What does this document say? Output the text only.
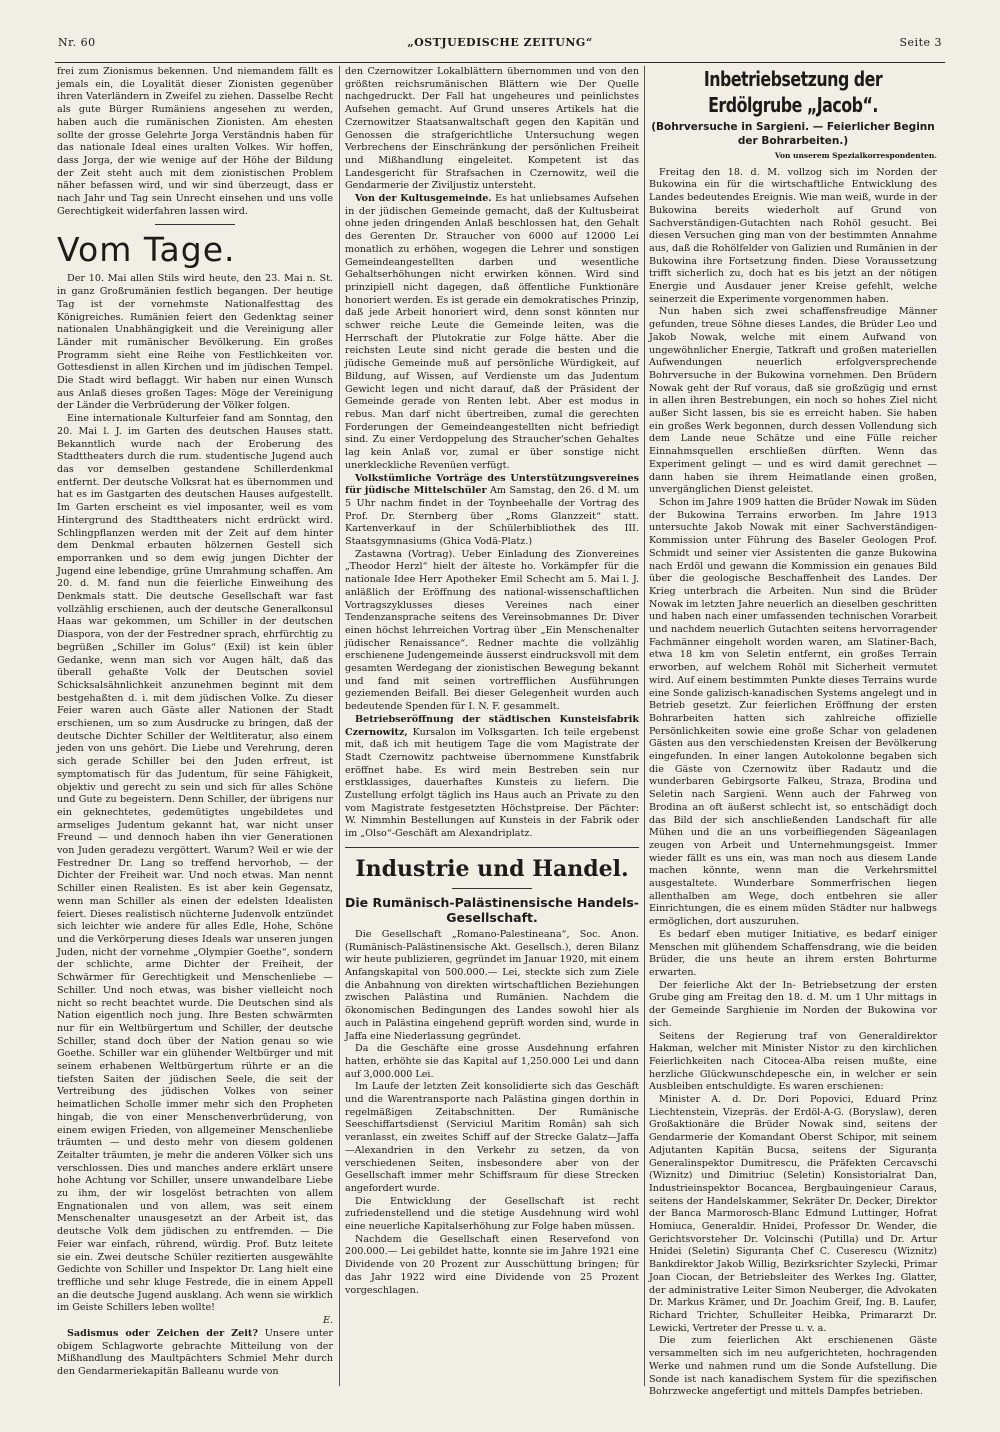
Nr. 60	„OSTJUEDISCHE ZEITUNG“	Seite 3

frei zum Zionismus bekennen. Und niemandem fällt es jemals ein, die Loyalität dieser Zionisten gegenüber ihren Vaterländern in Zweifel zu ziehen. Dasselbe Recht als gute Bürger Rumäniens angesehen zu werden, haben auch die rumänischen Zionisten. Am ehesten sollte der grosse Gelehrte Jorga Verständnis haben für das nationale Ideal eines uralten Volkes. Wir hoffen, dass Jorga, der wie wenige auf der Höhe der Bildung der Zeit steht auch mit dem zionistischen Problem näher befassen wird, und wir sind überzeugt, dass er nach Jahr und Tag sein Unrecht einsehen und uns volle Gerechtigkeit widerfahren lassen wird.

Vom Tage.

Der 10. Mai allen Stils wird heute, den 23. Mai n. St. in ganz Großrumänien festlich begangen. Der heutige Tag ist der vornehmste Nationalfesttag des Königreiches. Rumänien feiert den Gedenktag seiner nationalen Unabhängigkeit und die Vereinigung aller Länder mit rumänischer Bevölkerung. Ein großes Programm sieht eine Reihe von Festlichkeiten vor. Gottesdienst in allen Kirchen und im jüdischen Tempel. Die Stadt wird beflaggt. Wir haben nur einen Wunsch aus Anlaß dieses großen Tages: Möge der Vereinigung der Länder die Verbrüderung der Völker folgen.

Eine internationale Kulturfeier fand am Sonntag, den 20. Mai l. J. im Garten des deutschen Hauses statt. Bekanntlich wurde nach der Eroberung des Stadttheaters durch die rum. studentische Jugend auch das vor demselben gestandene Schillerdenkmal entfernt. Der deutsche Volksrat hat es übernommen und hat es im Gastgarten des deutschen Hauses aufgestellt. Im Garten erscheint es viel imposanter, weil es vom Hintergrund des Stadttheaters nicht erdrückt wird. Schlingpflanzen werden mit der Zeit auf dem hinter dem Denkmal erbauten hölzernen Gestell sich emporranken und so dem ewig jungen Dichter der Jugend eine lebendige, grüne Umrahmung schaffen. Am 20. d. M. fand nun die feierliche Einweihung des Denkmals statt. Die deutsche Gesellschaft war fast vollzählig erschienen, auch der deutsche Generalkonsul Haas war gekommen, um Schiller in der deutschen Diaspora, von der der Festredner sprach, ehrfürchtig zu begrüßen „Schiller im Golus“ (Exil) ist kein übler Gedanke, wenn man sich vor Augen hält, daß das überall gehaßte Volk der Deutschen soviel Schicksalsähnlichkeit anzunehmen beginnt mit dem bestgehaßten d. i. mit dem jüdischen Volke. Zu dieser Feier waren auch Gäste aller Nationen der Stadt erschienen, um so zum Ausdrucke zu bringen, daß der deutsche Dichter Schiller der Weltliteratur, also einem jeden von uns gehört. Die Liebe und Verehrung, deren sich gerade Schiller bei den Juden erfreut, ist symptomatisch für das Judentum, für seine Fähigkeit, objektiv und gerecht zu sein und sich für alles Schöne und Gute zu begeistern. Denn Schiller, der übrigens nur ein geknechtetes, gedemütigtes ungebildetes und armseliges Judentum gekannt hat, war nicht unser Freund — und dennoch haben ihn vier Generationen von Juden geradezu vergöttert. Warum? Weil er wie der Festredner Dr. Lang so treffend hervorhob, — der Dichter der Freiheit war. Und noch etwas. Man nennt Schiller einen Realisten. Es ist aber kein Gegensatz, wenn man Schiller als einen der edelsten Idealisten feiert. Dieses realistisch nüchterne Judenvolk entzündet sich leichter wie andere für alles Edle, Hohe, Schöne und die Verkörperung dieses Ideals war unseren jungen Juden, nicht der vornehme „Olympier Goethe“, sondern der schlichte, arme Dichter der Freiheit, der Schwärmer für Gerechtigkeit und Menschenliebe — Schiller. Und noch etwas, was bisher vielleicht noch nicht so recht beachtet wurde. Die Deutschen sind als Nation eigentlich noch jung. Ihre Besten schwärmten nur für ein Weltbürgertum und Schiller, der deutsche Schiller, stand doch über der Nation genau so wie Goethe. Schiller war ein glühender Weltbürger und mit seinem erhabenen Weltbürgertum rührte er an die tiefsten Saiten der jüdischen Seele, die seit der Vertreibung des jüdischen Volkes von seiner heimatlichen Scholle immer mehr sich den Propheten hingab, die von einer Menschenverbrüderung, von einem ewigen Frieden, von allgemeiner Menschenliebe träumten — und desto mehr von diesem goldenen Zeitalter träumten, je mehr die anderen Völker sich uns verschlossen. Dies und manches andere erklärt unsere hohe Achtung vor Schiller, unsere unwandelbare Liebe zu ihm, der wir losgelöst betrachten von allem Engnationalen und von allem, was seit einem Menschenalter unausgesetzt an der Arbeit ist, das deutsche Volk dem jüdischen zu entfremden. — Die Feier war einfach, rührend, würdig. Prof. Butz leitete sie ein. Zwei deutsche Schüler rezitierten ausgewählte Gedichte von Schiller und Inspektor Dr. Lang hielt eine treffliche und sehr kluge Festrede, die in einem Appell an die deutsche Jugend ausklang. Ach wenn sie wirklich im Geiste Schillers leben wollte!

E.

Sadismus oder Zeichen der Zeit? Unsere unter obigem Schlagworte gebrachte Mitteilung von der Mißhandlung des Maultpächters Schmiel Mehr durch den Gendarmeriekapitän Balleanu wurde von

den Czernowitzer Lokalblättern übernommen und von den größten reichsrumänischen Blättern wie Der Quelle nachgedruckt. Der Fall hat ungeheures und peinlichstes Aufsehen gemacht. Auf Grund unseres Artikels hat die Czernowitzer Staatsanwaltschaft gegen den Kapitän und Genossen die strafgerichtliche Untersuchung wegen Verbrechens der Einschränkung der persönlichen Freiheit und Mißhandlung eingeleitet. Kompetent ist das Landesgericht für Strafsachen in Czernowitz, weil die Gendarmerie der Ziviljustiz untersteht.

Von der Kultusgemeinde. Es hat unliebsames Aufsehen in der jüdischen Gemeinde gemacht, daß der Kultusbeirat ohne jeden dringenden Anlaß beschlossen hat, den Gehalt des Gerenten Dr. Straucher von 6000 auf 12000 Lei monatlich zu erhöhen, wogegen die Lehrer und sonstigen Gemeindeangestellten darben und wesentliche Gehaltserhöhungen nicht erwirken können. Wird sind prinzipiell nicht dagegen, daß öffentliche Funktionäre honoriert werden. Es ist gerade ein demokratisches Prinzip, daß jede Arbeit honoriert wird, denn sonst könnten nur schwer reiche Leute die Gemeinde leiten, was die Herrschaft der Plutokratie zur Folge hätte. Aber die reichsten Leute sind nicht gerade die besten und die jüdische Gemeinde muß auf persönliche Würdigkeit, auf Bildung, auf Wissen, auf Verdienste um das Judentum Gewicht legen und nicht darauf, daß der Präsident der Gemeinde gerade von Renten lebt. Aber est modus in rebus. Man darf nicht übertreiben, zumal die gerechten Forderungen der Gemeindeangestellten nicht befriedigt sind. Zu einer Verdoppelung des Straucher'schen Gehaltes lag kein Anlaß vor, zumal er über sonstige nicht unerkleckliche Revenüen verfügt.

Volkstümliche Vorträge des Unterstützungsvereines für jüdische Mittelschüler Am Samstag, den 26. d M. um 5 Uhr nachm findet in der Toynbeehalle der Vortrag des Prof. Dr. Sternberg über „Roms Glanzzeit“ statt. Kartenverkauf in der Schülerbibliothek des III. Staatsgymnasiums (Ghica Vodä-Platz.)

Zastawna (Vortrag). Ueber Einladung des Zionvereines „Theodor Herzl“ hielt der älteste ho. Vorkämpfer für die nationale Idee Herr Apotheker Emil Schecht am 5. Mai l. J. anläßlich der Eröffnung des national-wissenschaftlichen Vortragszyklusses dieses Vereines nach einer Tendenzansprache seitens des Vereinsobmannes Dr. Diver einen höchst lehrreichen Vortrag über „Ein Menschenalter jüdischer Renaissance“. Redner machte die vollzählig erschienene Judengemeinde äusserst eindrucksvoll mit dem gesamten Werdegang der zionistischen Bewegung bekannt und fand mit seinen vortrefflichen Ausführungen geziemenden Beifall. Bei dieser Gelegenheit wurden auch bedeutende Spenden für I. N. F. gesammelt.

Betriebseröffnung der städtischen Kunsteisfabrik Czernowitz, Kursalon im Volksgarten. Ich teile ergebenst mit, daß ich mit heutigem Tage die vom Magistrate der Stadt Czernowitz pachtweise übernommene Kunstfabrik eröffnet habe. Es wird mein Bestreben sein nur erstklassiges, dauerhaftes Kunsteis zu liefern. Die Zustellung erfolgt täglich ins Haus auch an Private zu den vom Magistrate festgesetzten Höchstpreise. Der Pächter: W. Nimmhin Bestellungen auf Kunsteis in der Fabrik oder im „Olso“-Geschäft am Alexandriplatz.

Industrie und Handel.
Die Rumänisch-Palästinensische Handels-Gesellschaft.

Die Gesellschaft „Romano-Palestineana“, Soc. Anon. (Rumänisch-Palästinensische Akt. Gesellsch.), deren Bilanz wir heute publizieren, gegründet im Januar 1920, mit einem Anfangskapital von 500.000.— Lei, steckte sich zum Ziele die Anbahnung von direkten wirtschaftlichen Beziehungen zwischen Palästina und Rumänien. Nachdem die ökonomischen Bedingungen des Landes sowohl hier als auch in Palästina eingehend geprüft worden sind, wurde in Jaffa eine Niederlassung gegründet.

Da die Geschäfte eine grosse Ausdehnung erfahren hatten, erhöhte sie das Kapital auf 1,250.000 Lei und dann auf 3,000.000 Lei.

Im Laufe der letzten Zeit konsolidierte sich das Geschäft und die Warentransporte nach Palästina gingen dorthin in regelmäßigen Zeitabschnitten. Der Rumänische Seeschiffartsdienst (Serviciul Maritim Român) sah sich veranlasst, ein zweites Schiff auf der Strecke Galatz—Jaffa—Alexandrien in den Verkehr zu setzen, da von verschiedenen Seiten, insbesondere aber von der Gesellschaft immer mehr Schiffsraum für diese Strecken angefordert wurde.

Die Entwicklung der Gesellschaft ist recht zufriedenstellend und die stetige Ausdehnung wird wohl eine neuerliche Kapitalserhöhung zur Folge haben müssen.

Nachdem die Gesellschaft einen Reservefond von 200.000.— Lei gebildet hatte, konnte sie im Jahre 1921 eine Dividende von 20 Prozent zur Ausschüttung bringen; für das Jahr 1922 wird eine Dividende von 25 Prozent vorgeschlagen.

Inbetriebsetzung der Erdölgrube „Jacob“.
(Bohrversuche in Sargieni. — Feierlicher Beginn der Bohrarbeiten.)
Von unserem Spezialkorrespondenten.

Freitag den 18. d. M. vollzog sich im Norden der Bukowina ein für die wirtschaftliche Entwicklung des Landes bedeutendes Ereignis. Wie man weiß, wurde in der Bukowina bereits wiederholt auf Grund von Sachverständigen-Gutachten nach Rohöl gesucht. Bei diesen Versuchen ging man von der bestimmten Annahme aus, daß die Rohölfelder von Galizien und Rumänien in der Bukowina ihre Fortsetzung finden. Diese Voraussetzung trifft sicherlich zu, doch hat es bis jetzt an der nötigen Energie und Ausdauer jener Kreise gefehlt, welche seinerzeit die Experimente vorgenommen haben.

Nun haben sich zwei schaffensfreudige Männer gefunden, treue Söhne dieses Landes, die Brüder Leo und Jakob Nowak, welche mit einem Aufwand von ungewöhnlicher Energie, Tatkraft und großen materiellen Aufwendungen neuerlich erfolgversprechende Bohrversuche in der Bukowina vornehmen. Den Brüdern Nowak geht der Ruf voraus, daß sie großzügig und ernst in allen ihren Bestrebungen, ein noch so hohes Ziel nicht außer Sicht lassen, bis sie es erreicht haben. Sie haben ein großes Werk begonnen, durch dessen Vollendung sich dem Lande neue Schätze und eine Fülle reicher Einnahmsquellen erschließen dürften. Wenn das Experiment gelingt — und es wird damit gerechnet — dann haben sie ihrem Heimatlande einen großen, unvergänglichen Dienst geleistet.

Schon im Jahre 1909 hatten die Brüder Nowak im Süden der Bukowina Terrains erworben. Im Jahre 1913 untersuchte Jakob Nowak mit einer Sachverständigen-Kommission unter Führung des Baseler Geologen Prof. Schmidt und seiner vier Assistenten die ganze Bukowina nach Erdöl und gewann die Kommission ein genaues Bild über die geologische Beschaffenheit des Landes. Der Krieg unterbrach die Arbeiten. Nun sind die Brüder Nowak im letzten Jahre neuerlich an dieselben geschritten und haben nach einer umfassenden technischen Vorarbeit und nachdem neuerlich Gutachten seitens hervorragender Fachmänner eingeholt worden waren, am Slatiner-Bach, etwa 18 km von Seletin entfernt, ein großes Terrain erworben, auf welchem Rohöl mit Sicherheit vermutet wird. Auf einem bestimmten Punkte dieses Terrains wurde eine Sonde galizisch-kanadischen Systems angelegt und in Betrieb gesetzt. Zur feierlichen Eröffnung der ersten Bohrarbeiten hatten sich zahlreiche offizielle Persönlichkeiten sowie eine große Schar von geladenen Gästen aus den verschiedensten Kreisen der Bevölkerung eingefunden. In einer langen Autokolonne begaben sich die Gäste von Czernowitz über Radautz und die wunderbaren Gebirgsorte Falkeu, Straza, Brodina und Seletin nach Sargieni. Wenn auch der Fahrweg von Brodina an oft äußerst schlecht ist, so entschädigt doch das Bild der sich anschließenden Landschaft für alle Mühen und die an uns vorbeifliegenden Sägeanlagen zeugen von Arbeit und Unternehmungsgeist. Immer wieder fällt es uns ein, was man noch aus diesem Lande machen könnte, wenn man die Verkehrsmittel ausgestaltete. Wunderbare Sommerfrischen liegen allenthalben am Wege, doch entbehren sie aller Einrichtungen, die es einem müden Städter nur halbwegs ermöglichen, dort auszuruhen.

Es bedarf eben mutiger Initiative, es bedarf einiger Menschen mit glühendem Schaffensdrang, wie die beiden Brüder, die uns heute an ihrem ersten Bohrturme erwarten.

Der feierliche Akt der In- Betriebsetzung der ersten Grube ging am Freitag den 18. d. M. um 1 Uhr mittags in der Gemeinde Sarghienie im Norden der Bukowina vor sich.

Seitens der Regierung traf von Generaldirektor Hakman, welcher mit Minister Nistor zu den kirchlichen Feierlichkeiten nach Citocea-Alba reisen mußte, eine herzliche Glückwunschdepesche ein, in welcher er sein Ausbleiben entschuldigte. Es waren erschienen:

Minister A. d. Dr. Dori Popovici, Eduard Prinz Liechtenstein, Vizepräs. der Erdöl-A-G. (Boryslaw), deren Großaktionäre die Brüder Nowak sind, seitens der Gendarmerie der Komandant Oberst Schipor, mit seinem Adjutanten Kapitän Bucsa, seitens der Siguranța Generalinspektor Dumitrescu, die Präfekten Cercavschi (Wiznitz) und Dimitriuc (Seletin) Konsistorialrat Dan, Industrieinspektor Bocancea, Bergbauingenieur Caraus, seitens der Handelskammer, Sekräter Dr. Decker, Direktor der Banca Marmorosch-Blanc Edmund Luttinger, Hofrat Homiuca, Generaldir. Hnidei, Professor Dr. Wender, die Gerichtsvorsteher Dr. Volcinschi (Putilla) und Dr. Artur Hnidei (Seletin) Siguranța Chef C. Cuserescu (Wiznitz) Bankdirektor Jakob Willig, Bezirksrichter Szylecki, Primar Joan Ciocan, der Betriebsleiter des Werkes Ing. Glatter, der administrative Leiter Simon Neuberger, die Advokaten Dr. Markus Krämer, und Dr. Joachim Greif, Ing. B. Laufer, Richard Trichter, Schulleiter Heibka, Primararzt Dr. Lewicki, Vertreter der Presse u. v. a.

Die zum feierlichen Akt erschienenen Gäste versammelten sich im neu aufgerichteten, hochragenden Werke und nahmen rund um die Sonde Aufstellung. Die Sonde ist nach kanadischem System für die spezifischen Bohrzwecke angefertigt und mittels Dampfes betrieben.
